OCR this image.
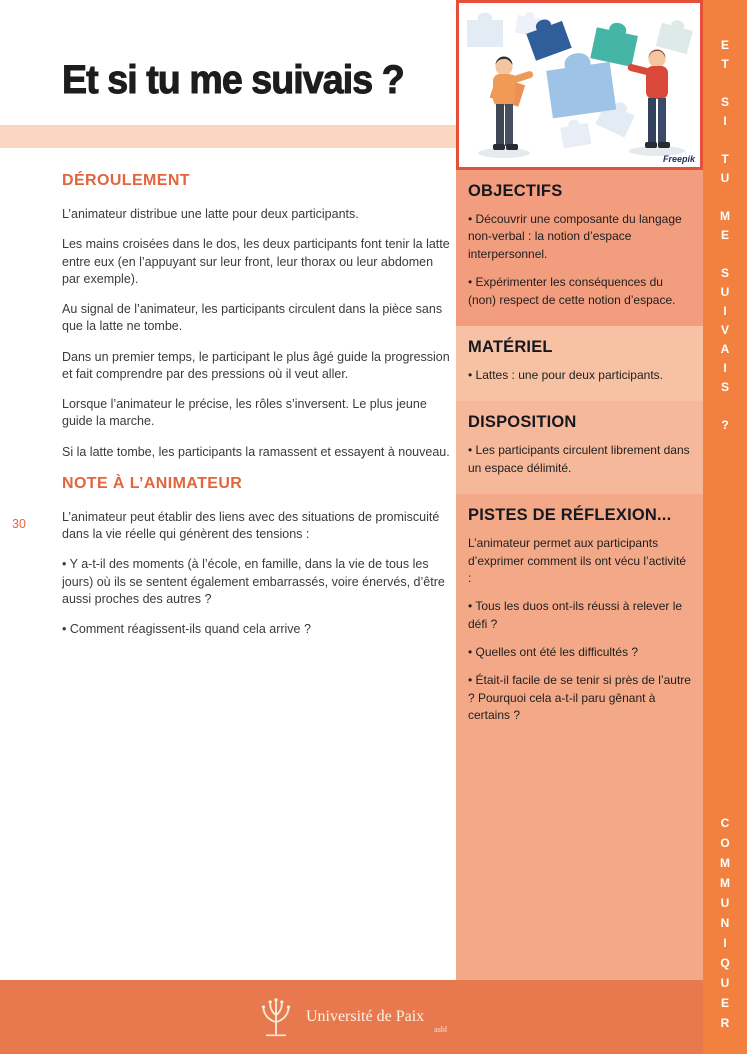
Et si tu me suivais ?
30
DÉROULEMENT

L’animateur distribue une latte pour deux participants.

Les mains croisées dans le dos, les deux participants font tenir la latte entre eux (en l’appuyant sur leur front, leur thorax ou leur abdomen par exemple).

Au signal de l’animateur, les participants circulent dans la pièce sans que la latte ne tombe.

Dans un premier temps, le participant le plus âgé guide la progression et fait comprendre par des pressions où il veut aller.

Lorsque l’animateur le précise, les rôles s’inversent. Le plus jeune guide la marche.

Si la latte tombe, les participants la ramassent et essayent à nouveau.

NOTE À L’ANIMATEUR

L’animateur peut établir des liens avec des situations de promiscuité dans la vie réelle qui génèrent des tensions :

• Y a-t-il des moments (à l’école, en famille, dans la vie de tous les jours) où ils se sentent également embarrassés, voire énervés, d’être aussi proches des autres ?

• Comment réagissent-ils quand cela arrive ?

Freepik
OBJECTIFS

• Découvrir une composante du langage non-verbal : la notion d’espace interpersonnel.

• Expérimenter les conséquences du (non) respect de cette notion d’espace.

MATÉRIEL

• Lattes : une pour deux participants.

DISPOSITION

• Les participants circulent librement dans un espace délimité.

PISTES DE RÉFLEXION...

L’animateur permet aux participants d’exprimer comment ils ont vécu l’activité :

• Tous les duos ont-ils réussi à relever le défi ?

• Quelles ont été les difficultés ?

• Était-il facile de se tenir si près de l’autre ? Pourquoi cela a-t-il paru gênant à certains ?

ET SI TU ME SUIVAIS ?
COMMUNIQUER
Université de Paix
asbl
